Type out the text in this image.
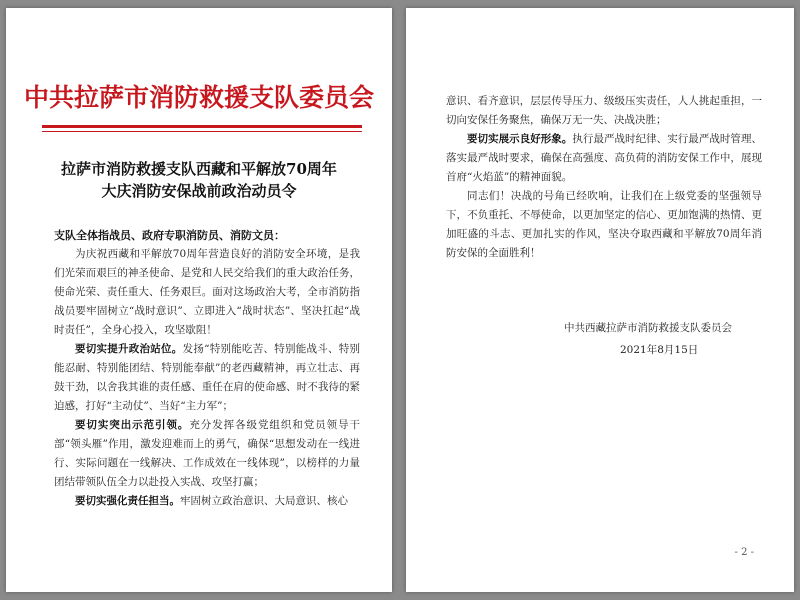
中共拉萨市消防救援支队委员会
拉萨市消防救援支队西藏和平解放70周年
大庆消防安保战前政治动员令
支队全体指战员、政府专职消防员、消防文员：
为庆祝西藏和平解放70周年营造良好的消防安全环境，是我们光荣而艰巨的神圣使命、是党和人民交给我们的重大政治任务，使命光荣、责任重大、任务艰巨。面对这场政治大考，全市消防指战员要牢固树立“战时意识”、立即进入“战时状态”、坚决扛起“战时责任”，全身心投入，攻坚歇阻！
要切实提升政治站位。发扬“特别能吃苦、特别能战斗、特别能忍耐、特别能团结、特别能奉献”的老西藏精神，再立壮志、再鼓干劲，以舍我其谁的责任感、重任在肩的使命感、时不我待的紧迫感，打好“主动仗”、当好“主力军”；
要切实突出示范引领。充分发挥各级党组织和党员领导干部“领头雁”作用，激发迎难而上的勇气，确保“思想发动在一线进行、实际问题在一线解决、工作成效在一线体现”，以榜样的力量团结带领队伍全力以赴投入实战、攻坚打赢；
要切实强化责任担当。牢固树立政治意识、大局意识、核心
意识、看齐意识，层层传导压力、级级压实责任，人人挑起重担，一切向安保任务聚焦，确保万无一失、决战决胜；
要切实展示良好形象。执行最严战时纪律、实行最严战时管理、落实最严战时要求，确保在高强度、高负荷的消防安保工作中，展现首府“火焰蓝”的精神面貌。
同志们！决战的号角已经吹响，让我们在上级党委的坚强领导下，不负重托、不辱使命，以更加坚定的信心、更加饱满的热情、更加旺盛的斗志、更加扎实的作风，坚决夺取西藏和平解放70周年消防安保的全面胜利！
中共西藏拉萨市消防救援支队委员会
2021年8月15日
- 2 -
